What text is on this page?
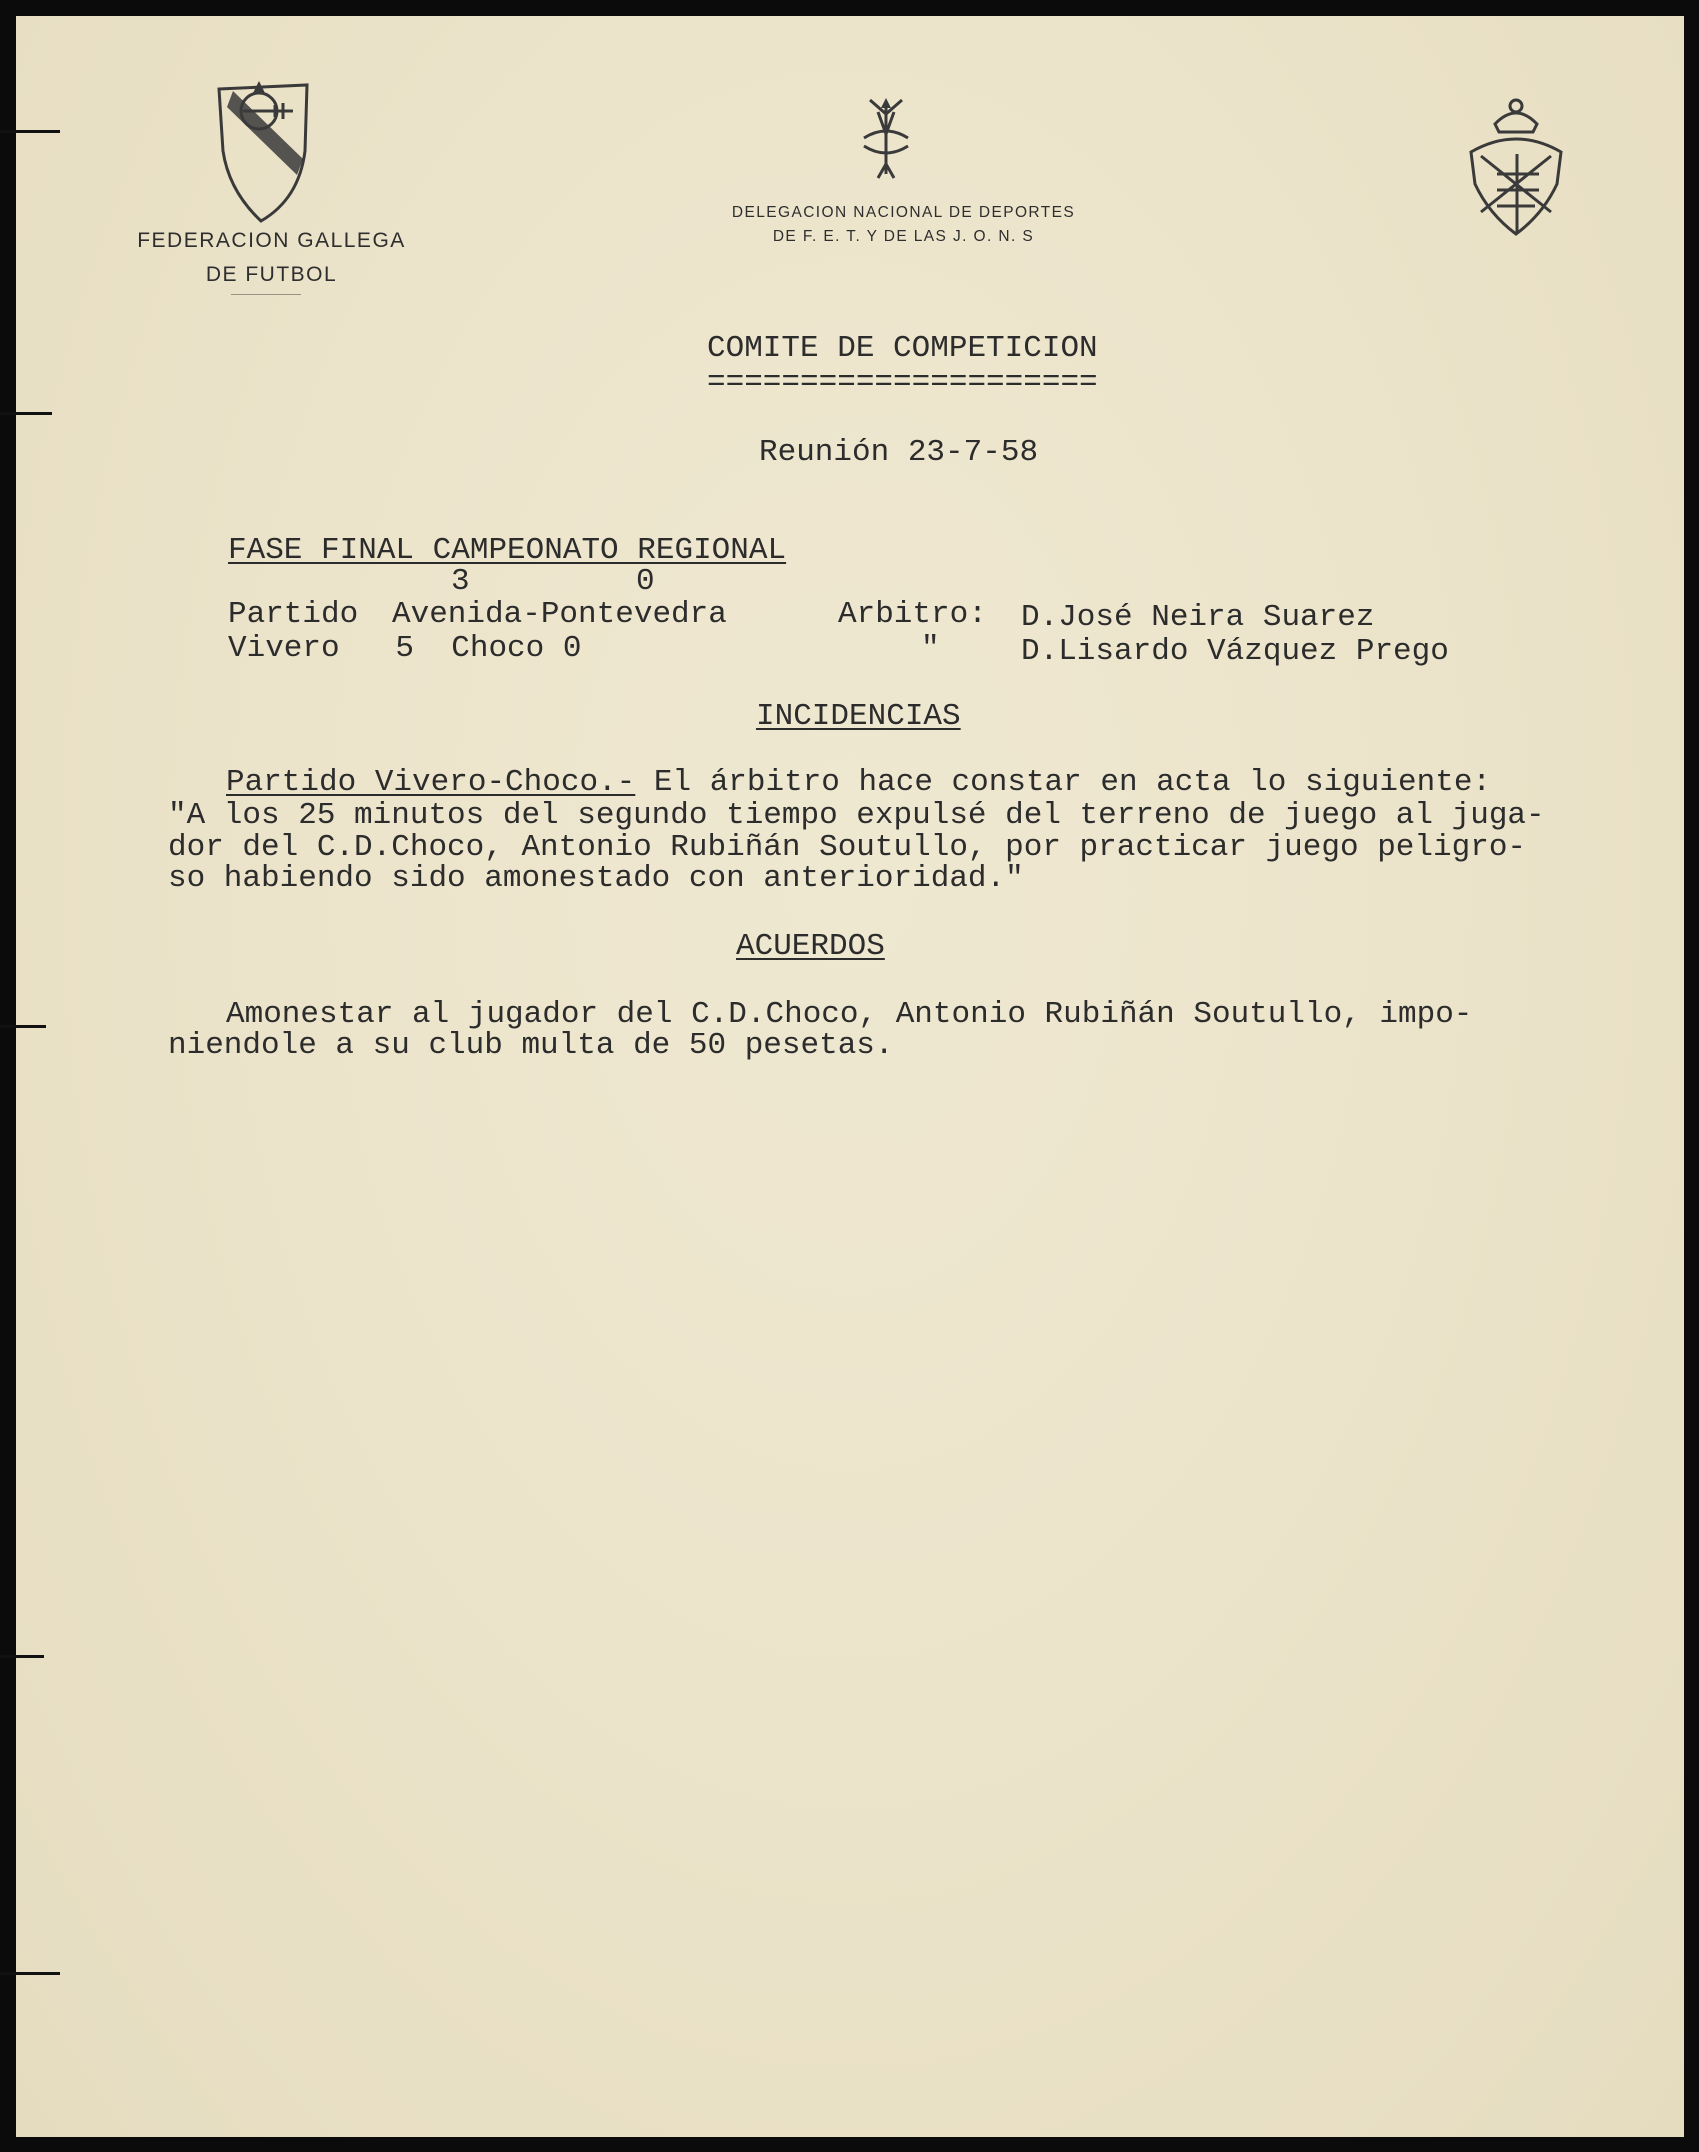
FEDERACION GALLEGA
DE FUTBOL
DELEGACION NACIONAL DE DEPORTES
DE F. E. T. Y DE LAS J. O. N. S
COMITE DE COMPETICION
=====================
Reunión 23-7-58
FASE FINAL CAMPEONATO REGIONAL
3	0
Partido Avenida-Pontevedra	Arbitro: D.José Neira Suarez
Vivero   5  Choco 0	"	D.Lisardo Vázquez Prego
INCIDENCIAS
Partido Vivero-Choco.- El árbitro hace constar en acta lo siguiente:
"A los 25 minutos del segundo tiempo expulsé del terreno de juego al juga-
dor del C.D.Choco, Antonio Rubiñán Soutullo, por practicar juego peligro-
so habiendo sido amonestado con anterioridad."
ACUERDOS
Amonestar al jugador del C.D.Choco, Antonio Rubiñán Soutullo, impo-
niendole a su club multa de 50 pesetas.
